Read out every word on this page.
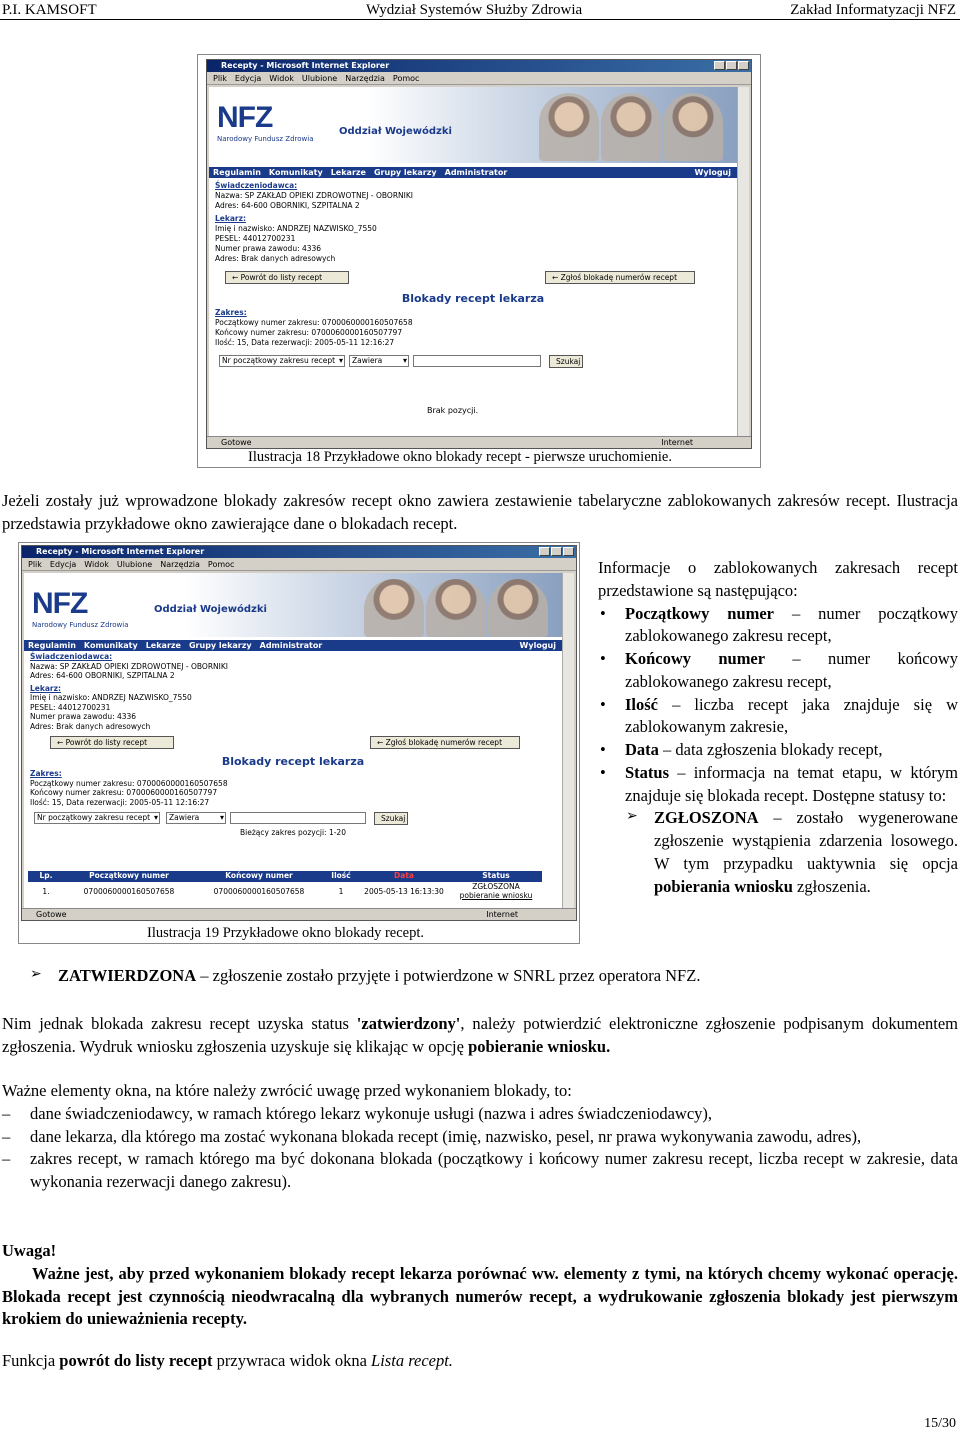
P.I. KAMSOFT	Wydział Systemów Służby Zdrowia	Zakład Informatyzacji NFZ
Recepty - Microsoft Internet Explorer
Plik Edycja Widok Ulubione Narzędzia Pomoc
NFZ
Narodowy Fundusz Zdrowia
Oddział Wojewódzki
Regulamin Komunikaty Lekarze Grupy lekarzy Administrator	Wyloguj
Świadczeniodawca:
Nazwa: SP ZAKŁAD OPIEKI ZDROWOTNEJ - OBORNIKI
Adres: 64-600 OBORNIKI, SZPITALNA 2
Lekarz:
Imię i nazwisko: ANDRZEJ NAZWISKO_7550
PESEL: 44012700231
Numer prawa zawodu: 4336
Adres: Brak danych adresowych
← Powrót do listy recept	← Zgłoś blokadę numerów recept
Blokady recept lekarza
Zakres:
Początkowy numer zakresu: 0700060000160507658
Końcowy numer zakresu: 0700060000160507797
Ilość: 15, Data rezerwacji: 2005-05-11 12:16:27
Nr początkowy zakresu recept ▾	Zawiera ▾	Szukaj
Brak pozycji.
Gotowe	Internet
Ilustracja 18 Przykładowe okno blokady recept - pierwsze uruchomienie.
Jeżeli zostały już wprowadzone blokady zakresów recept okno zawiera zestawienie tabelaryczne zablokowanych zakresów recept. Ilustracja przedstawia przykładowe okno zawierające dane o blokadach recept.
Recepty - Microsoft Internet Explorer
Plik Edycja Widok Ulubione Narzędzia Pomoc
NFZ
Narodowy Fundusz Zdrowia
Oddział Wojewódzki
Regulamin Komunikaty Lekarze Grupy lekarzy Administrator	Wyloguj
Świadczeniodawca:
Nazwa: SP ZAKŁAD OPIEKI ZDROWOTNEJ - OBORNIKI
Adres: 64-600 OBORNIKI, SZPITALNA 2
Lekarz:
Imię i nazwisko: ANDRZEJ NAZWISKO_7550
PESEL: 44012700231
Numer prawa zawodu: 4336
Adres: Brak danych adresowych
← Powrót do listy recept	← Zgłoś blokadę numerów recept
Blokady recept lekarza
Zakres:
Początkowy numer zakresu: 0700060000160507658
Końcowy numer zakresu: 0700060000160507797
Ilość: 15, Data rezerwacji: 2005-05-11 12:16:27
Nr początkowy zakresu recept ▾	Zawiera ▾	Szukaj
Bieżący zakres pozycji: 1-20
Lp.	Początkowy numer	Końcowy numer	Ilość	Data	Status
1.	0700060000160507658	0700060000160507658	1	2005-05-13 16:13:30	ZGŁOSZONA
pobieranie wniosku
Gotowe	Internet
Ilustracja 19 Przykładowe okno blokady recept.
Informacje o zablokowanych zakresach recept przedstawione są następująco:
• Początkowy numer – numer początkowy zablokowanego zakresu recept,
• Końcowy numer – numer końcowy zablokowanego zakresu recept,
• Ilość – liczba recept jaka znajduje się w zablokowanym zakresie,
• Data – data zgłoszenia blokady recept,
• Status – informacja na temat etapu, w którym znajduje się blokada recept. Dostępne statusy to:
➢ ZGŁOSZONA – zostało wygenerowane zgłoszenie wystąpienia zdarzenia losowego. W tym przypadku uaktywnia się opcja pobierania wniosku zgłoszenia.
➢ ZATWIERDZONA – zgłoszenie zostało przyjęte i potwierdzone w SNRL przez operatora NFZ.
Nim jednak blokada zakresu recept uzyska status 'zatwierdzony', należy potwierdzić elektroniczne zgłoszenie podpisanym dokumentem zgłoszenia. Wydruk wniosku zgłoszenia uzyskuje się klikając w opcję pobieranie wniosku.
Ważne elementy okna, na które należy zwrócić uwagę przed wykonaniem blokady, to:
– dane świadczeniodawcy, w ramach którego lekarz wykonuje usługi (nazwa i adres świadczeniodawcy),
– dane lekarza, dla którego ma zostać wykonana blokada recept (imię, nazwisko, pesel, nr prawa wykonywania zawodu, adres),
– zakres recept, w ramach którego ma być dokonana blokada (początkowy i końcowy numer zakresu recept, liczba recept w zakresie, data wykonania rezerwacji danego zakresu).
Uwaga!
Ważne jest, aby przed wykonaniem blokady recept lekarza porównać ww. elementy z tymi, na których chcemy wykonać operację. Blokada recept jest czynnością nieodwracalną dla wybranych numerów recept, a wydrukowanie zgłoszenia blokady jest pierwszym krokiem do unieważnienia recepty.
Funkcja powrót do listy recept przywraca widok okna Lista recept.
15/30
